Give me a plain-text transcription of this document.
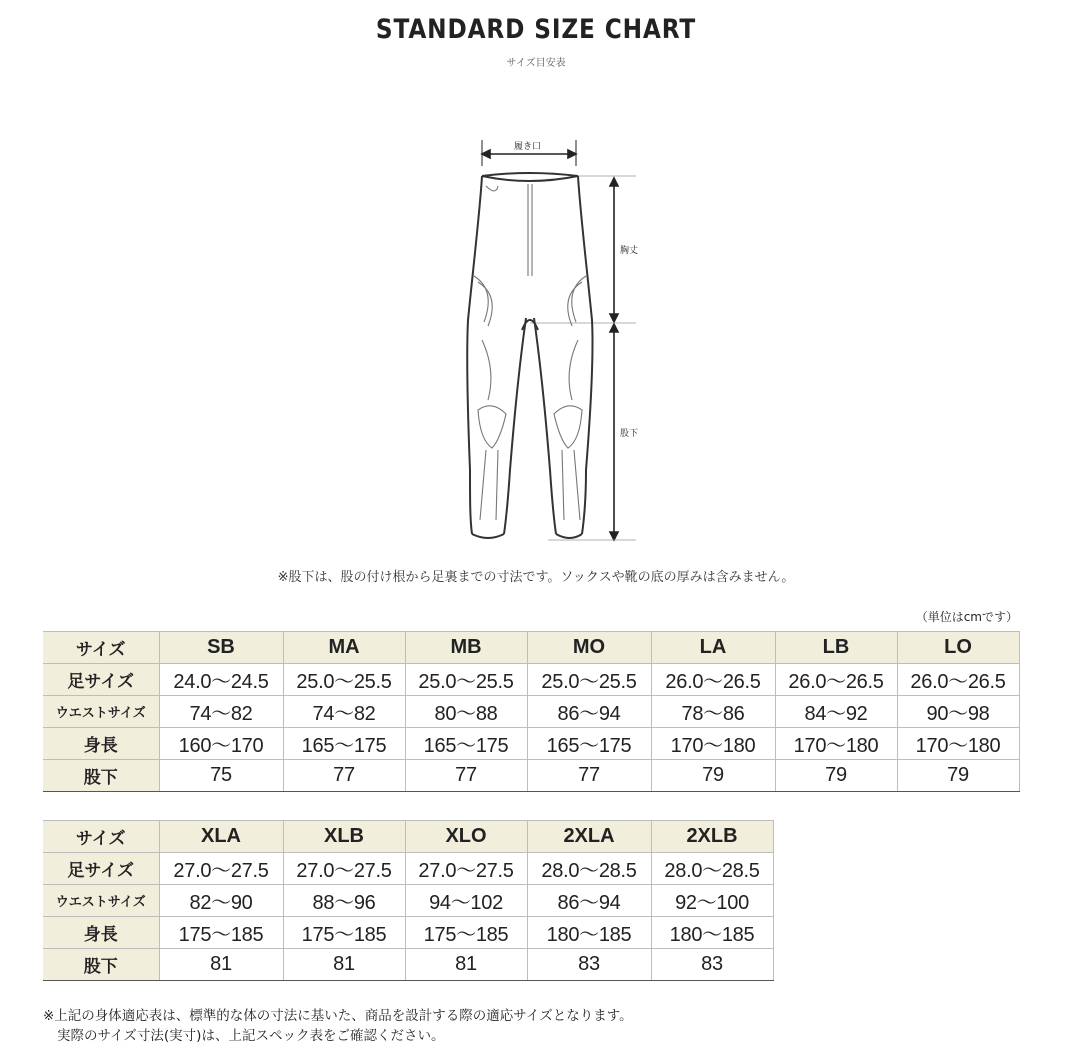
STANDARD SIZE CHART
サイズ目安表
履き口
胸丈
股下
※股下は、股の付け根から足裏までの寸法です。ソックスや靴の底の厚みは含みません。
（単位はcmです）
サイズ	SB	MA	MB	MO	LA	LB	LO
足サイズ	24.0～24.5	25.0～25.5	25.0～25.5	25.0～25.5	26.0～26.5	26.0～26.5	26.0～26.5
ウエストサイズ	74～82	74～82	80～88	86～94	78～86	84～92	90～98
身長	160～170	165～175	165～175	165～175	170～180	170～180	170～180
股下	75	77	77	77	79	79	79
サイズ	XLA	XLB	XLO	2XLA	2XLB
足サイズ	27.0～27.5	27.0～27.5	27.0～27.5	28.0～28.5	28.0～28.5
ウエストサイズ	82～90	88～96	94～102	86～94	92～100
身長	175～185	175～185	175～185	180～185	180～185
股下	81	81	81	83	83
※上記の身体適応表は、標準的な体の寸法に基いた、商品を設計する際の適応サイズとなります。
実際のサイズ寸法(実寸)は、上記スペック表をご確認ください。
